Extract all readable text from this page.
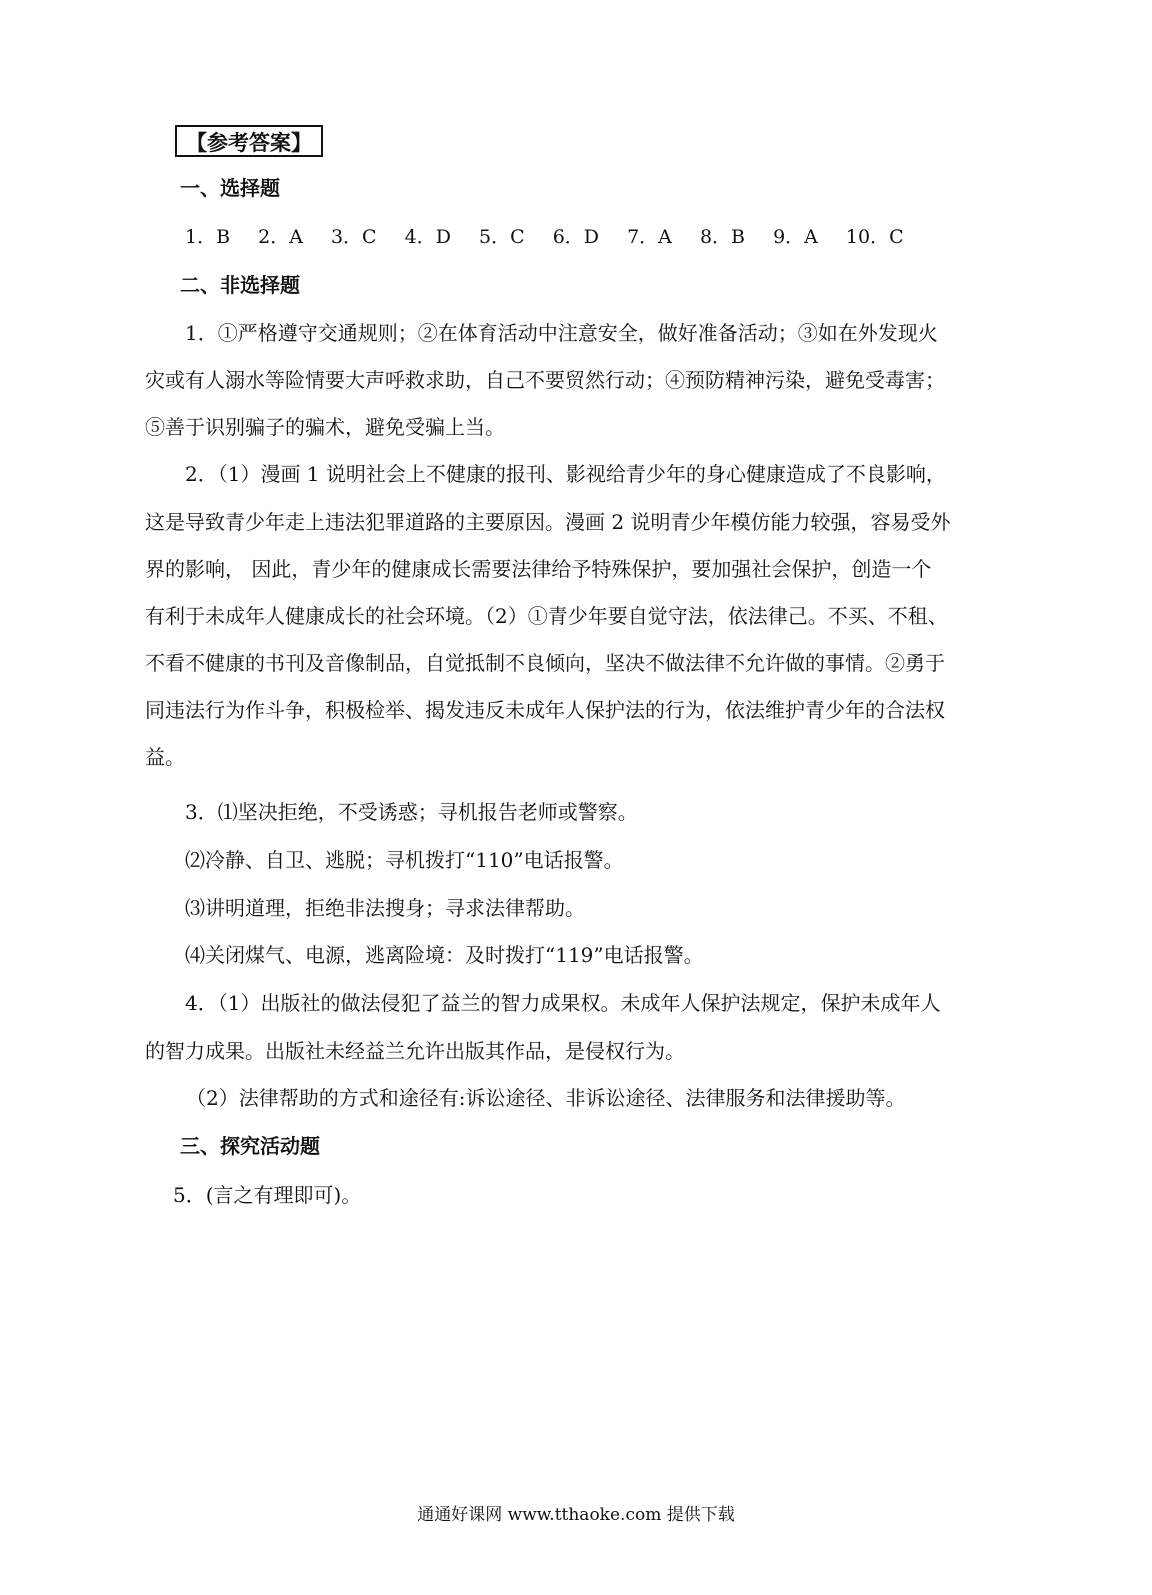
【参考答案】
一、选择题
1．B 2．A 3．C 4．D 5．C 6．D 7．A 8．B 9．A 10．C
二、非选择题
1．①严格遵守交通规则；②在体育活动中注意安全，做好准备活动；③如在外发现火
灾或有人溺水等险情要大声呼救求助，自己不要贸然行动；④预防精神污染，避免受毒害；
⑤善于识别骗子的骗术，避免受骗上当。
2．（1）漫画 1 说明社会上不健康的报刊、影视给青少年的身心健康造成了不良影响，
这是导致青少年走上违法犯罪道路的主要原因。漫画 2 说明青少年模仿能力较强，容易受外
界的影响， 因此，青少年的健康成长需要法律给予特殊保护，要加强社会保护，创造一个
有利于未成年人健康成长的社会环境。（2）①青少年要自觉守法，依法律己。不买、不租、
不看不健康的书刊及音像制品，自觉抵制不良倾向，坚决不做法律不允许做的事情。②勇于
同违法行为作斗争，积极检举、揭发违反未成年人保护法的行为，依法维护青少年的合法权
益。
3．⑴坚决拒绝，不受诱惑；寻机报告老师或警察。
⑵冷静、自卫、逃脱；寻机拨打“110”电话报警。
⑶讲明道理，拒绝非法搜身；寻求法律帮助。
⑷关闭煤气、电源，逃离险境：及时拨打“119”电话报警。
4．（1）出版社的做法侵犯了益兰的智力成果权。未成年人保护法规定，保护未成年人
的智力成果。出版社未经益兰允许出版其作品，是侵权行为。
（2）法律帮助的方式和途径有:诉讼途径、非诉讼途径、法律服务和法律援助等。
三、探究活动题
5．(言之有理即可)。
通通好课网 www.tthaoke.com 提供下载
